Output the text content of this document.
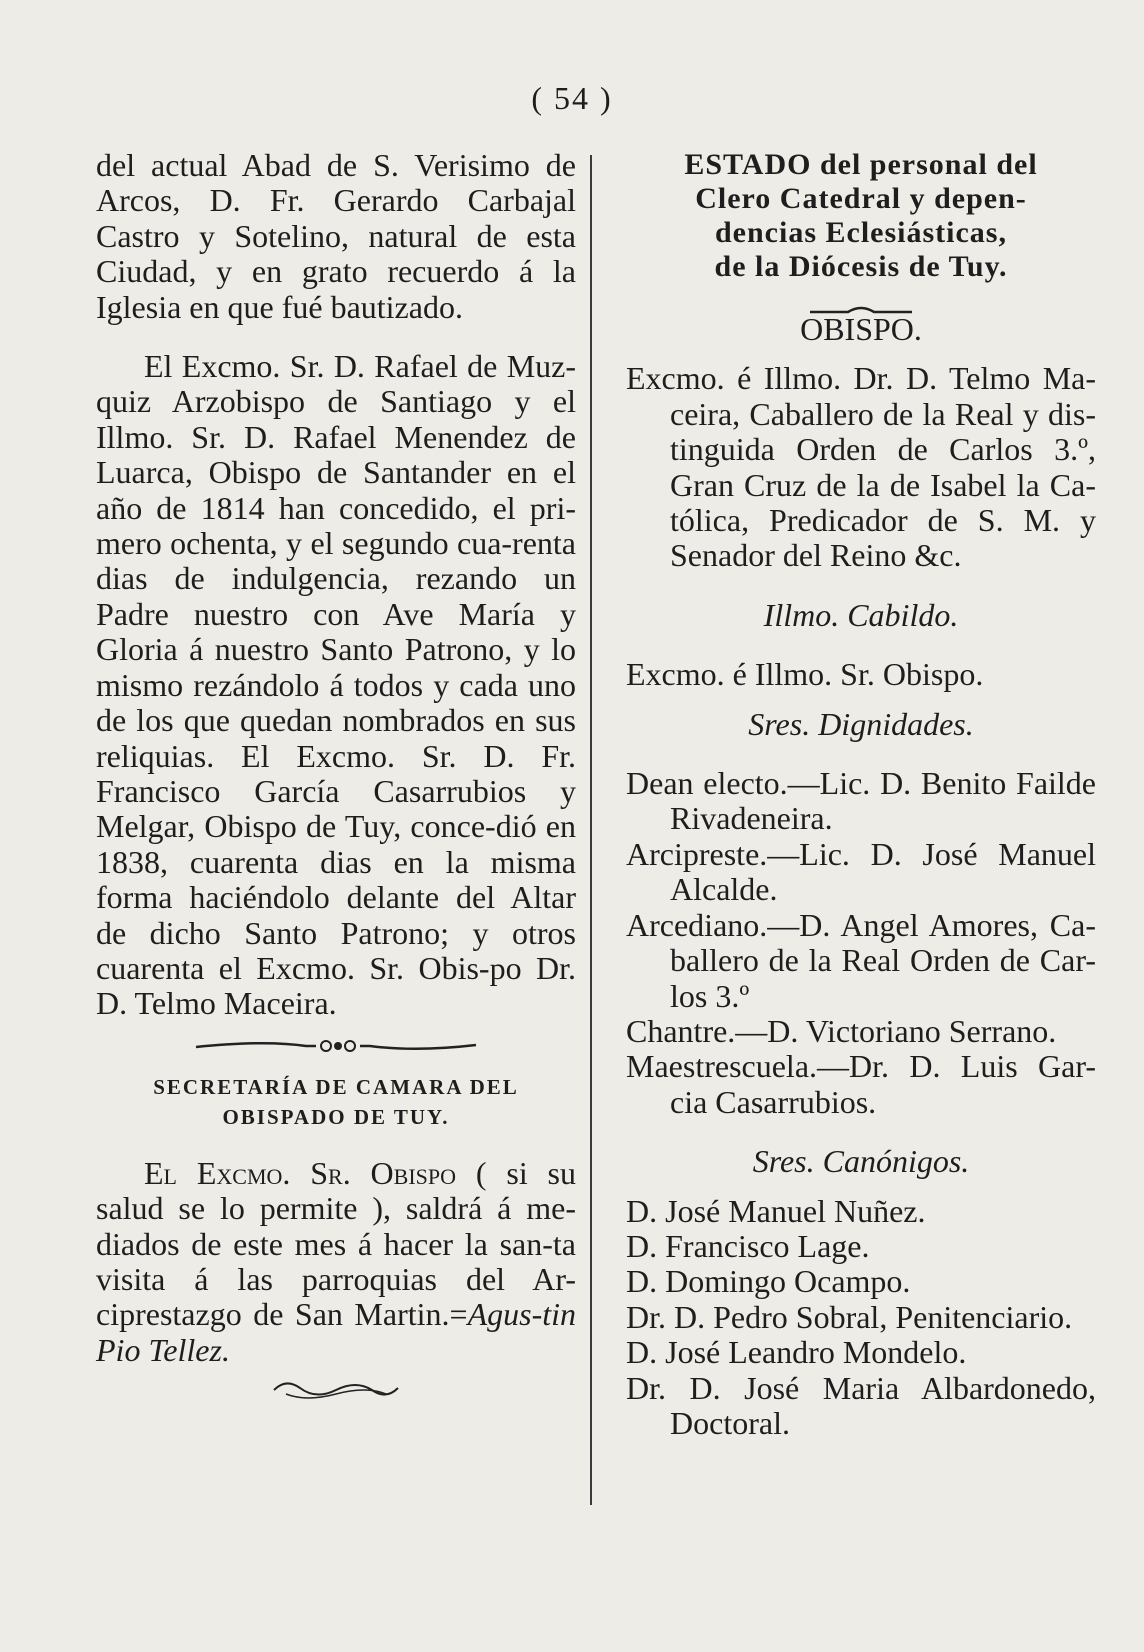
( 54 )

del actual Abad de S. Verisimo de Arcos, D. Fr. Gerardo Carbajal Castro y Sotelino, natural de esta Ciudad, y en grato recuerdo á la Iglesia en que fué bautizado.

El Excmo. Sr. D. Rafael de Muz-quiz Arzobispo de Santiago y el Illmo. Sr. D. Rafael Menendez de Luarca, Obispo de Santander en el año de 1814 han concedido, el pri-mero ochenta, y el segundo cua-renta dias de indulgencia, rezando un Padre nuestro con Ave María y Gloria á nuestro Santo Patrono, y lo mismo rezándolo á todos y cada uno de los que quedan nombrados en sus reliquias. El Excmo. Sr. D. Fr. Francisco García Casarrubios y Melgar, Obispo de Tuy, conce-dió en 1838, cuarenta dias en la misma forma haciéndolo delante del Altar de dicho Santo Patrono; y otros cuarenta el Excmo. Sr. Obis-po Dr. D. Telmo Maceira.

SECRETARÍA DE CAMARA DEL
OBISPADO DE TUY.

El Excmo. Sr. Obispo ( si su salud se lo permite ), saldrá á me-diados de este mes á hacer la san-ta visita á las parroquias del Ar-ciprestazgo de San Martin.=Agus-tin Pio Tellez.

ESTADO del personal del
Clero Catedral y depen-
dencias Eclesiásticas,
de la Diócesis de Tuy.
OBISPO.

Excmo. é Illmo. Dr. D. Telmo Ma-ceira, Caballero de la Real y dis-tinguida Orden de Carlos 3.º, Gran Cruz de la de Isabel la Ca-tólica, Predicador de S. M. y Senador del Reino &c.

Illmo. Cabildo.

Excmo. é Illmo. Sr. Obispo.

Sres. Dignidades.

Dean electo.—Lic. D. Benito Failde Rivadeneira.

Arcipreste.—Lic. D. José Manuel Alcalde.

Arcediano.—D. Angel Amores, Ca-ballero de la Real Orden de Car-los 3.º

Chantre.—D. Victoriano Serrano.

Maestrescuela.—Dr. D. Luis Gar-cia Casarrubios.

Sres. Canónigos.

D. José Manuel Nuñez.

D. Francisco Lage.

D. Domingo Ocampo.

Dr. D. Pedro Sobral, Penitenciario.

D. José Leandro Mondelo.

Dr. D. José Maria Albardonedo, Doctoral.
